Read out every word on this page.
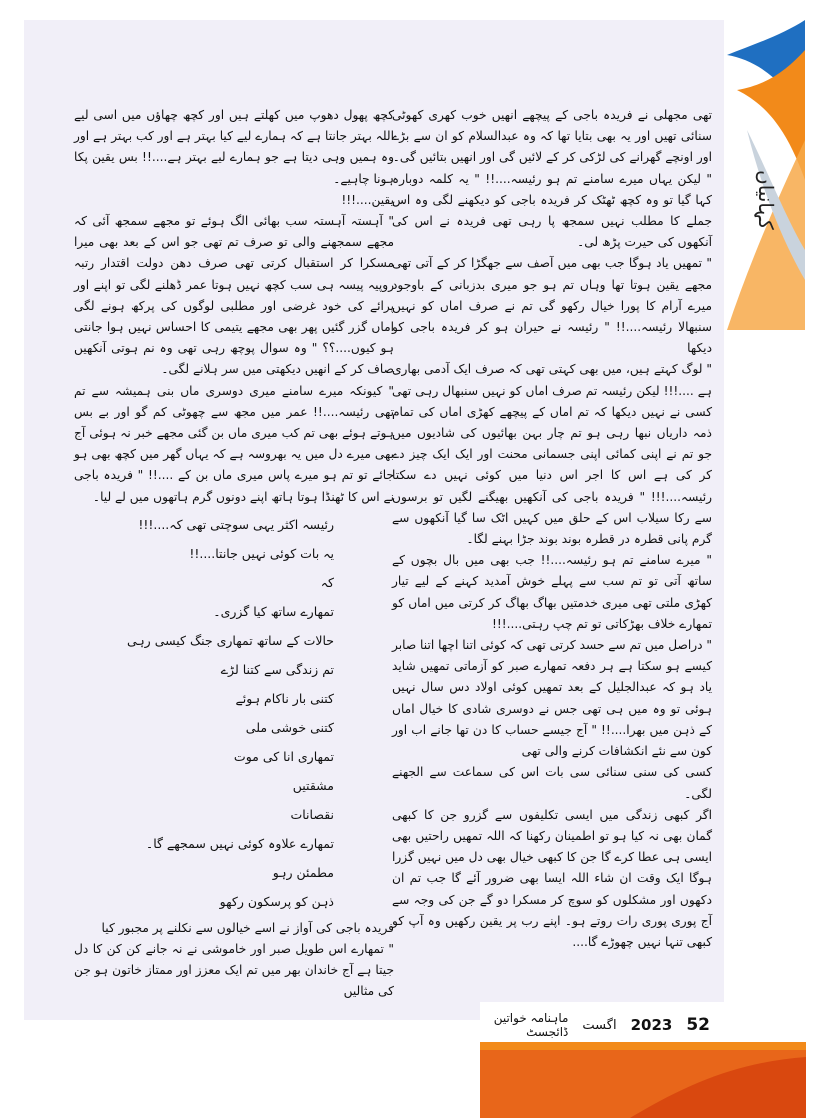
کہانیاں

تھی مجھلی نے فریدہ باجی کے پیچھے انھیں خوب کھری کھوٹی سنائی تھیں اور یہ بھی بتایا تھا کہ وہ عبدالسلام کو ان سے بڑے اور اونچے گھرانے کی لڑکی کر کے لائیں گی اور انھیں بتائیں گی۔

" لیکن یہاں میرے سامنے تم ہو رئیسہ....!! " یہ کلمہ دوبارہ کہا گیا تو وہ کچھ ٹھٹک کر فریدہ باجی کو دیکھنے لگی وہ اس جملے کا مطلب نہیں سمجھ پا رہی تھی فریدہ نے اس کی آنکھوں کی حیرت پڑھ لی۔

" تمھیں یاد ہوگا جب بھی میں آصف سے جھگڑا کر کے آتی تھی مجھے یقین ہوتا تھا وہاں تم ہو جو میری بدزبانی کے باوجود میرے آرام کا پورا خیال رکھو گی تم نے صرف اماں کو نہیں سنبھالا رئیسہ....!! " رئیسہ نے حیران ہو کر فریدہ باجی کو دیکھا

" لوگ کہتے ہیں، میں بھی کہتی تھی کہ صرف ایک آدمی بھاری ہے ....!!! لیکن رئیسہ تم صرف اماں کو نہیں سنبھال رہی تھی کسی نے نہیں دیکھا کہ تم اماں کے پیچھے کھڑی اماں کی تمام ذمہ داریاں نبھا رہی ہو تم چار بہن بھائیوں کی شادیوں میں جو تم نے اپنی کمائی اپنی جسمانی محنت اور ایک ایک چیز دے کر کی ہے اس کا اجر اس دنیا میں کوئی نہیں دے سکتا رئیسہ....!!! " فریدہ باجی کی آنکھیں بھیگنے لگیں تو برسوں سے رکا سیلاب اس کے حلق میں کہیں اٹک سا گیا آنکھوں سے گرم پانی قطرہ در قطرہ بوند بوند جڑا بہنے لگا۔

" میرے سامنے تم ہو رئیسہ....!! جب بھی میں بال بچوں کے ساتھ آتی تو تم سب سے پہلے خوش آمدید کہنے کے لیے تیار کھڑی ملتی تھی میری خدمتیں بھاگ بھاگ کر کرتی میں اماں کو تمھارے خلاف بھڑکاتی تو تم چپ رہتی....!!!

" دراصل میں تم سے حسد کرتی تھی کہ کوئی اتنا اچھا اتنا صابر کیسے ہو سکتا ہے ہر دفعہ تمھارے صبر کو آزماتی تمھیں شاید یاد ہو کہ عبدالجلیل کے بعد تمھیں کوئی اولاد دس سال نہیں ہوئی تو وہ میں ہی تھی جس نے دوسری شادی کا خیال اماں کے ذہن میں بھرا....!! " آج جیسے حساب کا دن تھا جانے اب اور کون سے نئے انکشافات کرنے والی تھی

کسی کی سنی سنائی سی بات اس کی سماعت سے الجھنے لگی۔

اگر کبھی زندگی میں ایسی تکلیفوں سے گزرو جن کا کبھی گمان بھی نہ کیا ہو تو اطمینان رکھنا کہ اللہ تمھیں راحتیں بھی ایسی ہی عطا کرے گا جن کا کبھی خیال بھی دل میں نہیں گزرا ہوگا ایک وقت ان شاء اللہ ایسا بھی ضرور آئے گا جب تم ان دکھوں اور مشکلوں کو سوچ کر مسکرا دو گے جن کی وجہ سے آج پوری پوری رات روتے ہو۔ اپنے رب پر یقین رکھیں وہ آپ کو کبھی تنہا نہیں چھوڑے گا....

کچھ پھول دھوپ میں کھلتے ہیں اور کچھ چھاؤں میں اسی لیے اللہ بہتر جانتا ہے کہ ہمارے لیے کیا بہتر ہے اور کب بہتر ہے اور وہ ہمیں وہی دیتا ہے جو ہمارے لیے بہتر ہے....!! بس یقین پکا ہونا چاہیے۔

یقین....!!!

" آہستہ آہستہ سب بھائی الگ ہوئے تو مجھے سمجھ آئی کہ مجھے سمجھنے والی تو صرف تم تھی جو اس کے بعد بھی میرا مسکرا کر استقبال کرتی تھی صرف دھن دولت اقتدار رتبہ روپیہ پیسہ ہی سب کچھ نہیں ہوتا عمر ڈھلنے لگی تو اپنے اور پرائے کی خود غرضی اور مطلبی لوگوں کی پرکھ ہونے لگی اماں گزر گئیں پھر بھی مجھے یتیمی کا احساس نہیں ہوا جانتی ہو کیوں....؟؟ " وہ سوال پوچھ رہی تھی وہ نم ہوتی آنکھیں صاف کر کے انھیں دیکھتی میں سر ہلانے لگی۔

" کیونکہ میرے سامنے میری دوسری ماں بنی ہمیشہ سے تم تھی رئیسہ....!! عمر میں مجھ سے چھوٹی کم گو اور بے بس ہوتے ہوئے بھی تم کب میری ماں بن گئی مجھے خبر نہ ہوئی آج بھی میرے دل میں یہ بھروسہ ہے کہ یہاں گھر میں کچھ بھی ہو جائے تو تم ہو میرے پاس میری ماں بن کے ....!! " فریدہ باجی نے اس کا ٹھنڈا ہوتا ہاتھ اپنے دونوں گرم ہاتھوں میں لے لیا۔

رئیسہ اکثر یہی سوچتی تھی کہ....!!!
یہ بات کوئی نہیں جانتا....!!
کہ
تمھارے ساتھ کیا گزری۔
حالات کے ساتھ تمھاری جنگ کیسی رہی
تم زندگی سے کتنا لڑے
کتنی بار ناکام ہوئے
کتنی خوشی ملی
تمھاری انا کی موت
مشقتیں
نقصانات
تمھارے علاوہ کوئی نہیں سمجھے گا۔
مطمئن رہو
ذہن کو پرسکون رکھو

فریدہ باجی کی آواز نے اسے خیالوں سے نکلنے پر مجبور کیا

" تمھارے اس طویل صبر اور خاموشی نے نہ جانے کن کن کا دل جیتا ہے آج خاندان بھر میں تم ایک معزز اور ممتاز خاتون ہو جن کی مثالیں

ماہنامہ خواتین ڈائجسٹ اگست 2023 52
